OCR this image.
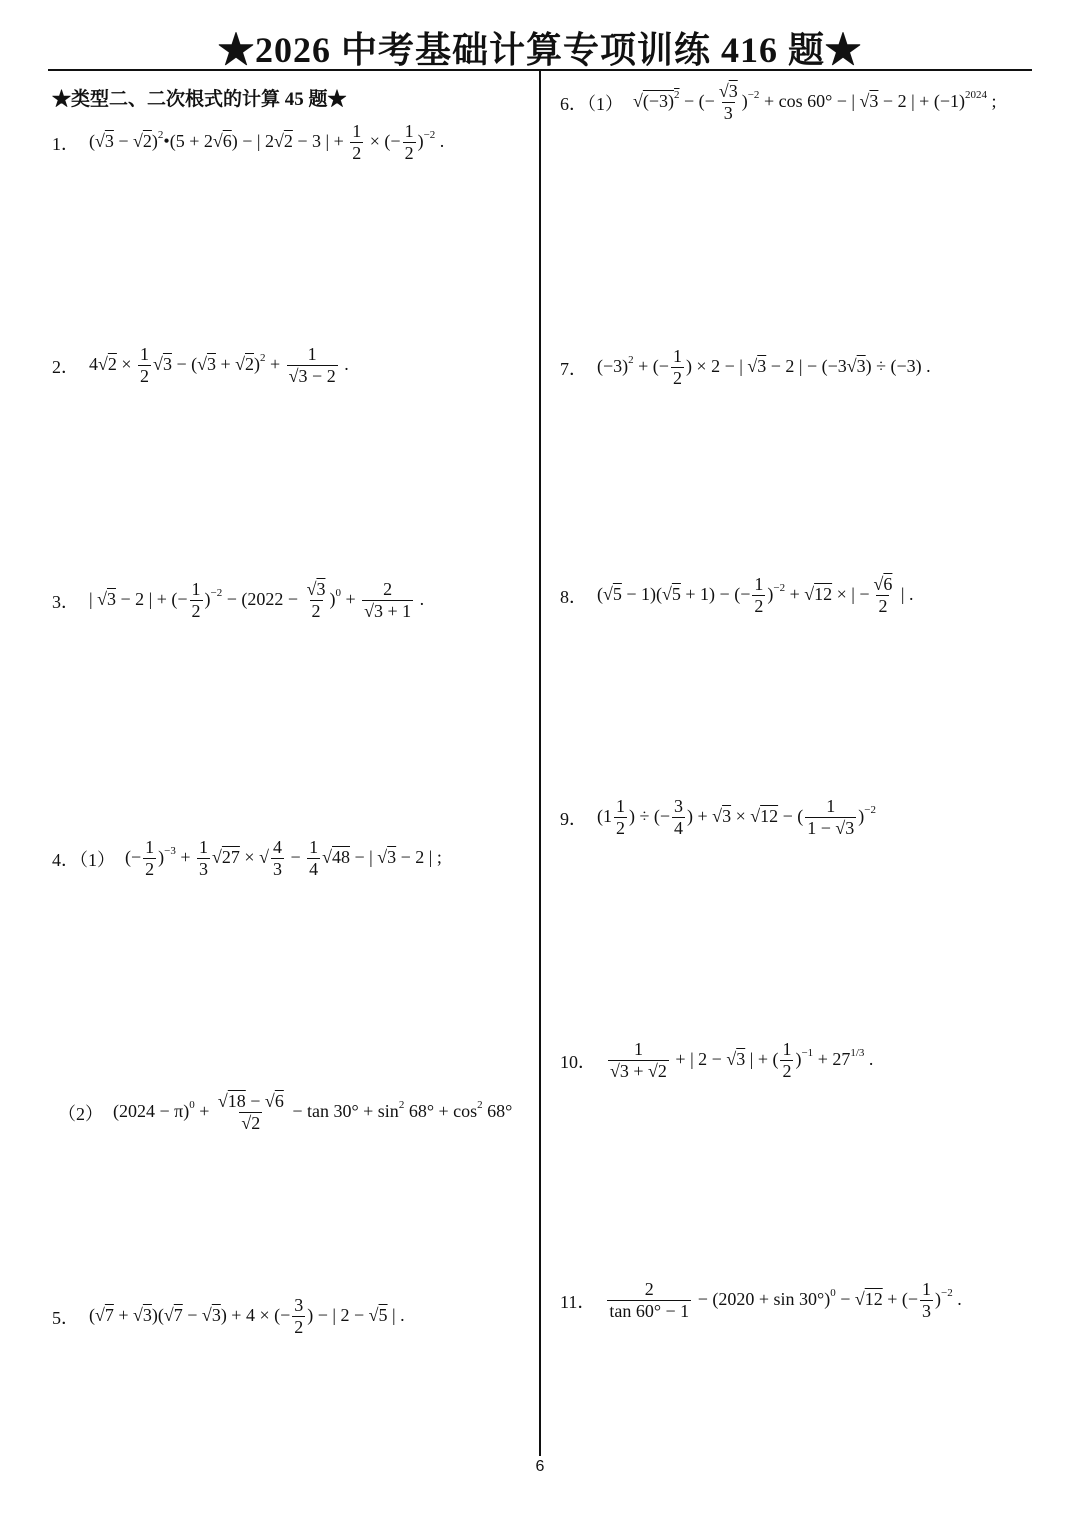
★2026 中考基础计算专项训练 416 题★
★类型二、二次根式的计算 45 题★
1． $(√3 - √2)^2•(5 + 2√6)$ − | 2√2 − 3 | + $\frac{1}{2}$ × (− $\frac{1}{2} )^{-2}$ .
2． $4√2 \times \frac{1}{2} √3 - (√3 + √2)^2 + \frac{1}{√3 - 2}$ .
3． | √3 − 2 | + (− $\frac{1}{2} )^{-2} - (2022 - \frac{√3}{2} )^0 + \frac{2}{√3 + 1}$ .
4．（1） (− $\frac{1}{2} )^{-3} + \frac{1}{3} √27$ × √ $\frac{4}{3} - \frac{1}{4} √48$ − | √3 − 2 | ;
（2） $(2024 - \pi)^0 + \frac{√18 - √6}{√2} - \tan 30^\circ + \sin^2 68^\circ + \cos^2 68^\circ$
5． (√7 + √3)(√7 − √3) + 4 × (− $\frac{3}{2}$ ) − | 2 − √5 | .
6．（1） $√(-3)^2$ − (− $\frac{√3}{3} )^{-2} + \cos 60^\circ$ − | √3 − 2 | + $(-1)^{2024}$ ;
7． $(-3)^2$ + (− $\frac{1}{2}$ ) × 2 − | √3 − 2 | − (−3√3) ÷ (−3) .
8． (√5 − 1)(√5 + 1) − (− $\frac{1}{2} )^{-2} + √12$ × | − $\frac{√6}{2}$ | .
9． ($1 \frac{1}{2}$ ) ÷ (− $\frac{3}{4}$ ) + √3 × √12 − ( $\frac{1}{1 - √3} )^{-2}$
10． $\frac{1}{√3 + √2}$ + | 2 − √3 | + ( $\frac{1}{2} )^{-1} + 27^{1/3}$ .
11． $\frac{2}{\tan 60^\circ - 1} - (2020 + \sin 30^\circ)^0 - √12$ + (− $\frac{1}{3} )^{-2}$ .
6
